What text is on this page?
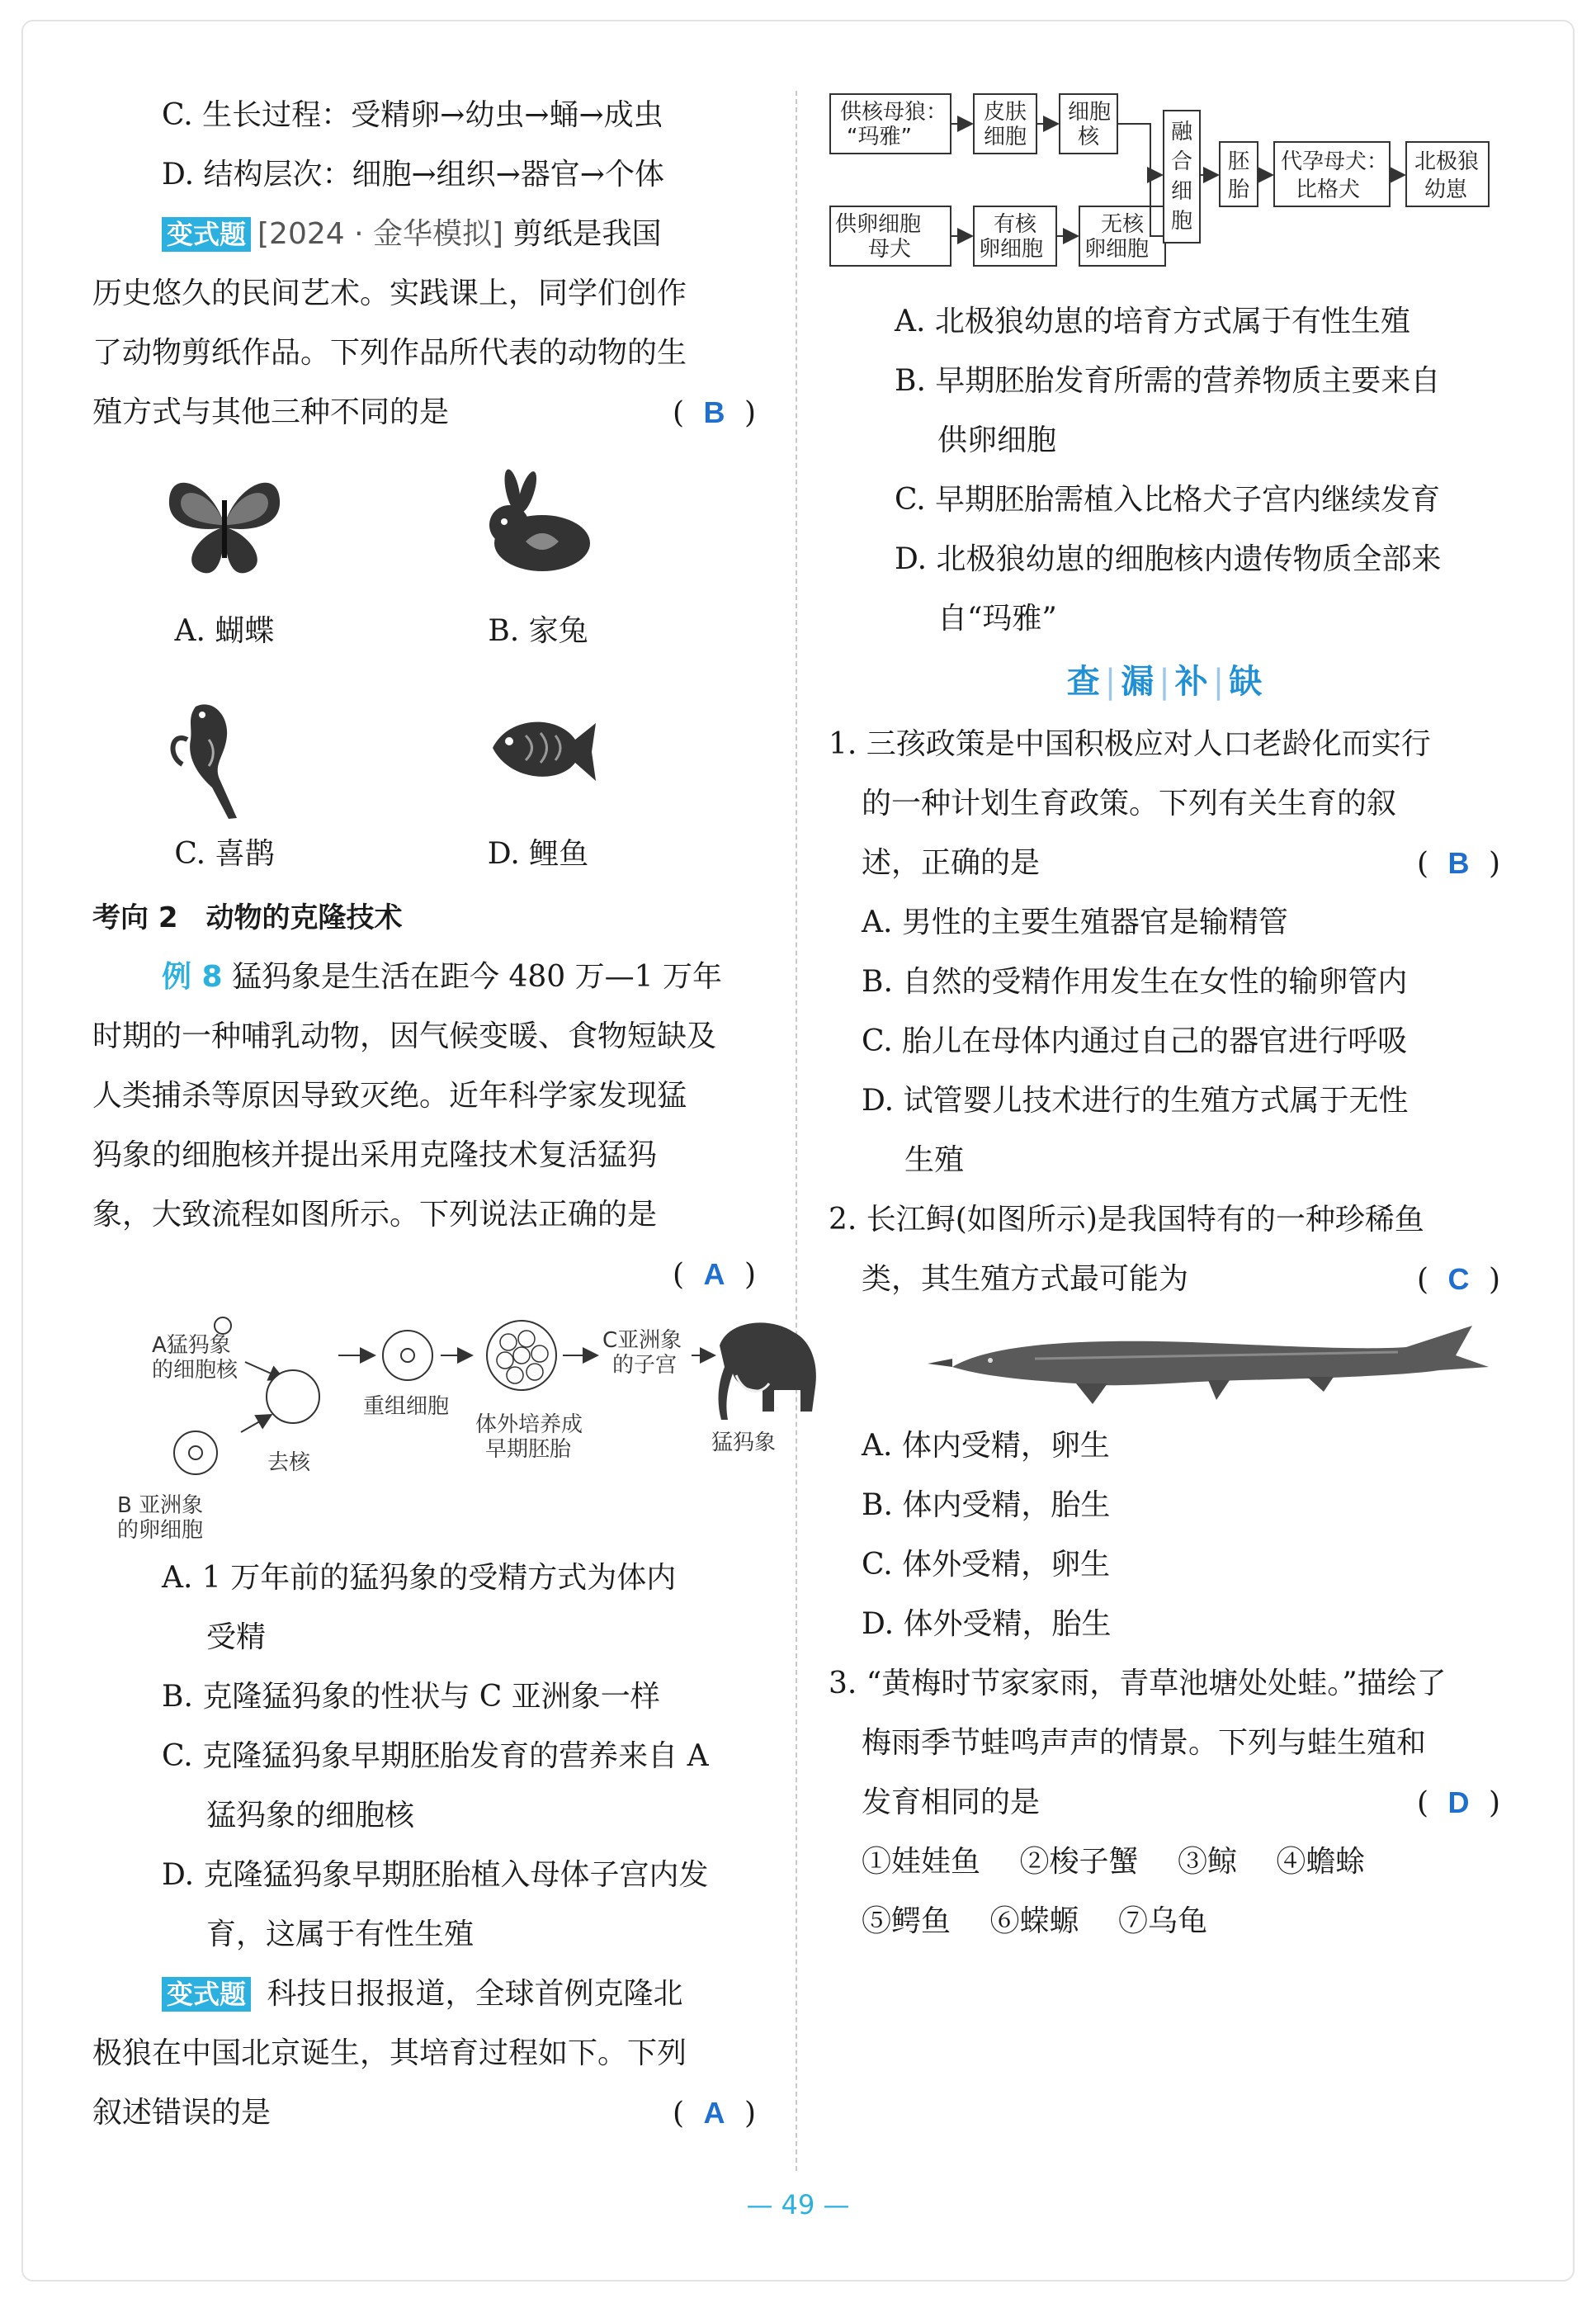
C. 生长过程：受精卵→幼虫→蛹→成虫
D. 结构层次：细胞→组织→器官→个体
变式题 [2024 · 金华模拟] 剪纸是我国
历史悠久的民间艺术。实践课上，同学们创作
了动物剪纸作品。下列作品所代表的动物的生
殖方式与其他三种不同的是	( B )
A. 蝴蝶	B. 家兔
C. 喜鹊	D. 鲤鱼
考向 2　动物的克隆技术
例 8 猛犸象是生活在距今 480 万—1 万年
时期的一种哺乳动物，因气候变暖、食物短缺及
人类捕杀等原因导致灭绝。近年科学家发现猛
犸象的细胞核并提出采用克隆技术复活猛犸
象，大致流程如图所示。下列说法正确的是
( A )
A猛犸象
的细胞核
去核
B 亚洲象
的卵细胞
重组细胞
体外培养成
早期胚胎
C亚洲象
的子宫
猛犸象
A. 1 万年前的猛犸象的受精方式为体内
受精
B. 克隆猛犸象的性状与 C 亚洲象一样
C. 克隆猛犸象早期胚胎发育的营养来自 A
猛犸象的细胞核
D. 克隆猛犸象早期胚胎植入母体子宫内发
育，这属于有性生殖
变式题 科技日报报道，全球首例克隆北
极狼在中国北京诞生，其培育过程如下。下列
叙述错误的是	( A )
供核母狼：
“玛雅”
皮肤
细胞
细胞
核
供卵细胞
母犬
有核
卵细胞
无核
卵细胞
融
合
细
胞
胚
胎
代孕母犬：
比格犬
北极狼
幼崽
A. 北极狼幼崽的培育方式属于有性生殖
B. 早期胚胎发育所需的营养物质主要来自
供卵细胞
C. 早期胚胎需植入比格犬子宫内继续发育
D. 北极狼幼崽的细胞核内遗传物质全部来
自“玛雅”
查|漏|补|缺
1. 三孩政策是中国积极应对人口老龄化而实行
的一种计划生育政策。下列有关生育的叙
述，正确的是	( B )
A. 男性的主要生殖器官是输精管
B. 自然的受精作用发生在女性的输卵管内
C. 胎儿在母体内通过自己的器官进行呼吸
D. 试管婴儿技术进行的生殖方式属于无性
生殖
2. 长江鲟(如图所示)是我国特有的一种珍稀鱼
类，其生殖方式最可能为	( C )
A. 体内受精，卵生
B. 体内受精，胎生
C. 体外受精，卵生
D. 体外受精，胎生
3. “黄梅时节家家雨，青草池塘处处蛙。”描绘了
梅雨季节蛙鸣声声的情景。下列与蛙生殖和
发育相同的是	( D )
①娃娃鱼　 ②梭子蟹　 ③鲸　 ④蟾蜍
⑤鳄鱼　 ⑥蝾螈　 ⑦乌龟
— 49 —
